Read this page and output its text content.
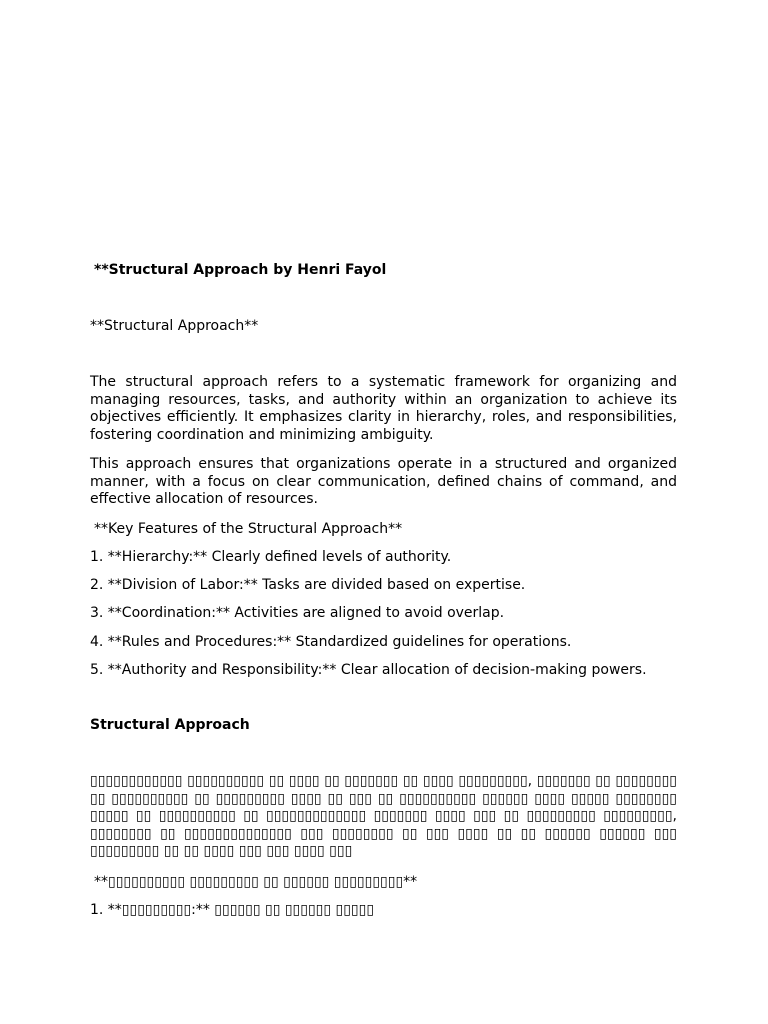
**Structural Approach by Henri Fayol
**Structural Approach**

The structural approach refers to a systematic framework for organizing and managing resources, tasks, and authority within an organization to achieve its objectives efficiently. It emphasizes clarity in hierarchy, roles, and responsibilities, fostering coordination and minimizing ambiguity.

This approach ensures that organizations operate in a structured and organized manner, with a focus on clear communication, defined chains of command, and effective allocation of resources.

**Key Features of the Structural Approach**
1. **Hierarchy:** Clearly defined levels of authority.
2. **Division of Labor:** Tasks are divided based on expertise.
3. **Coordination:** Activities are aligned to avoid overlap.
4. **Rules and Procedures:** Standardized guidelines for operations.
5. **Authority and Responsibility:** Clear allocation of decision-making powers.
Structural Approach

▯▯▯▯▯▯▯▯▯▯▯▯ ▯▯▯▯▯▯▯▯▯▯ ▯▯ ▯▯▯▯ ▯▯ ▯▯▯▯▯▯▯ ▯▯ ▯▯▯▯ ▯▯▯▯▯▯▯▯▯, ▯▯▯▯▯▯▯ ▯▯ ▯▯▯▯▯▯▯▯ ▯▯ ▯▯▯▯▯▯▯▯▯▯ ▯▯ ▯▯▯▯▯▯▯▯▯ ▯▯▯▯ ▯▯ ▯▯▯ ▯▯ ▯▯▯▯▯▯▯▯▯▯ ▯▯▯▯▯▯ ▯▯▯▯ ▯▯▯▯▯ ▯▯▯▯▯▯▯▯ ▯▯▯▯▯ ▯▯ ▯▯▯▯▯▯▯▯▯▯ ▯▯ ▯▯▯▯▯▯▯▯▯▯▯▯▯ ▯▯▯▯▯▯▯ ▯▯▯▯ ▯▯▯ ▯▯ ▯▯▯▯▯▯▯▯▯ ▯▯▯▯▯▯▯▯▯, ▯▯▯▯▯▯▯▯ ▯▯ ▯▯▯▯▯▯▯▯▯▯▯▯▯▯ ▯▯▯ ▯▯▯▯▯▯▯▯ ▯▯ ▯▯▯ ▯▯▯▯ ▯▯ ▯▯ ▯▯▯▯▯▯ ▯▯▯▯▯▯ ▯▯▯ ▯▯▯▯▯▯▯▯▯ ▯▯ ▯▯ ▯▯▯▯ ▯▯▯ ▯▯▯ ▯▯▯▯ ▯▯▯

**▯▯▯▯▯▯▯▯▯▯ ▯▯▯▯▯▯▯▯▯ ▯▯ ▯▯▯▯▯▯ ▯▯▯▯▯▯▯▯▯**
1. **▯▯▯▯▯▯▯▯▯:** ▯▯▯▯▯▯ ▯▯ ▯▯▯▯▯▯ ▯▯▯▯▯
